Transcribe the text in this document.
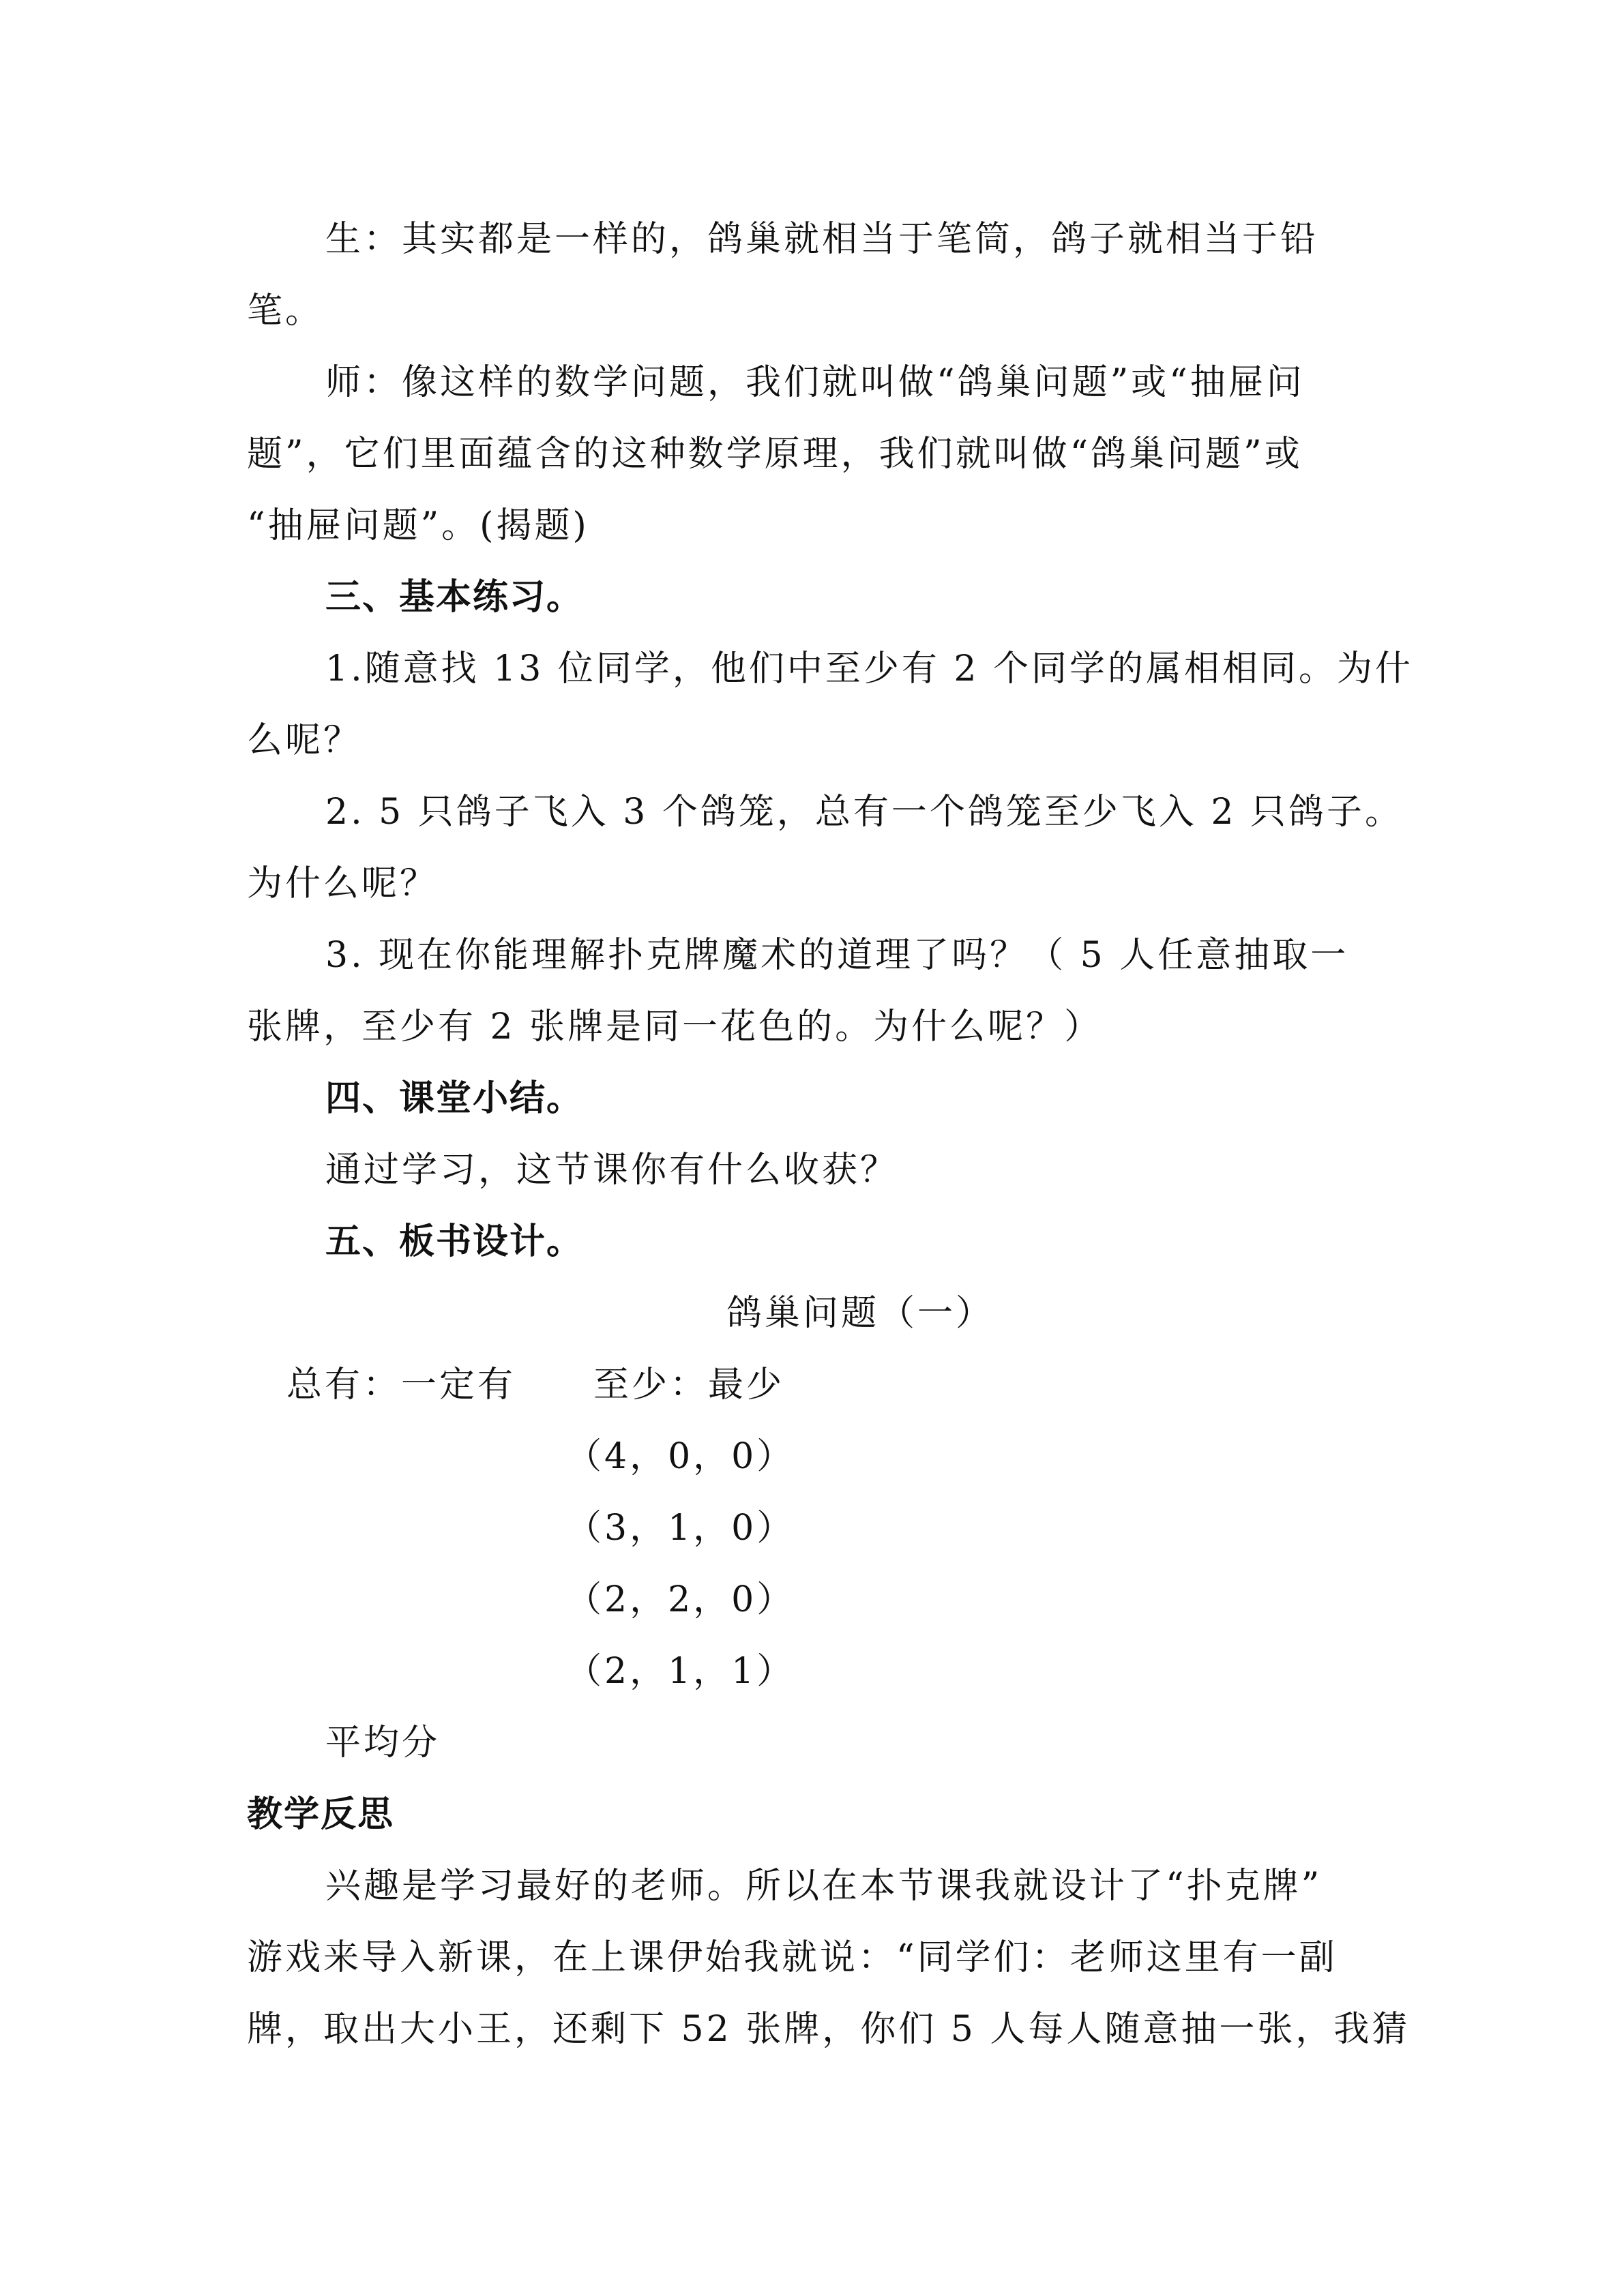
生：其实都是一样的，鸽巢就相当于笔筒，鸽子就相当于铅
笔。
师：像这样的数学问题，我们就叫做“鸽巢问题”或“抽屉问
题”，它们里面蕴含的这种数学原理，我们就叫做“鸽巢问题”或
“抽屉问题”。(揭题)
三、基本练习。
1.随意找 13 位同学，他们中至少有 2 个同学的属相相同。为什
么呢？
2. 5 只鸽子飞入 3 个鸽笼，总有一个鸽笼至少飞入 2 只鸽子。
为什么呢？
3. 现在你能理解扑克牌魔术的道理了吗？（ 5 人任意抽取一
张牌，至少有 2 张牌是同一花色的。为什么呢？）
四、课堂小结。
通过学习，这节课你有什么收获？
五、板书设计。
鸽巢问题（一）
总有：一定有 至少：最少
（4，0，0）
（3，1，0）
（2，2，0）
（2，1，1）
平均分
教学反思
兴趣是学习最好的老师。所以在本节课我就设计了“扑克牌”
游戏来导入新课，在上课伊始我就说：“同学们：老师这里有一副
牌，取出大小王，还剩下 52 张牌，你们 5 人每人随意抽一张，我猜
